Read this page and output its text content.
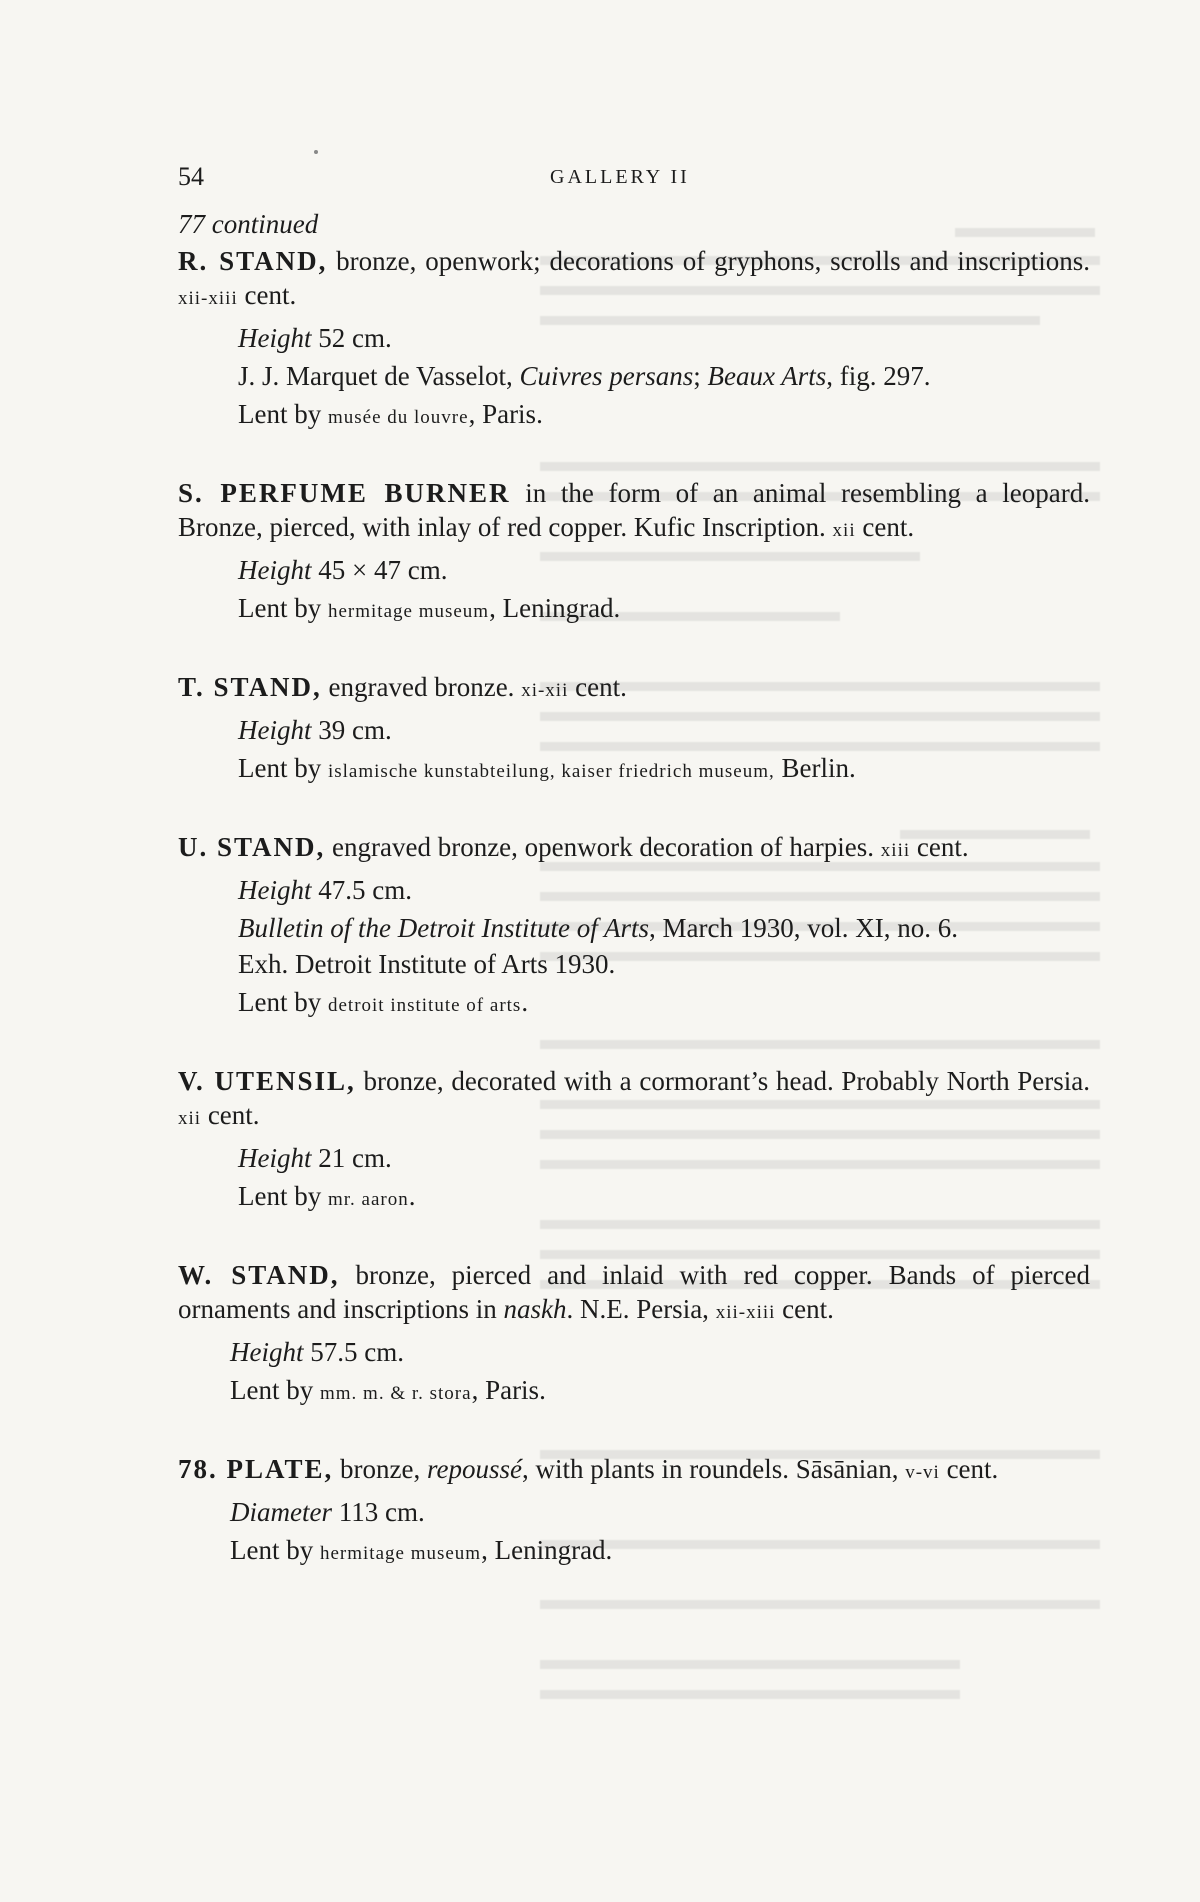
54	GALLERY II
77 continued

R. STAND, bronze, openwork; decorations of gryphons, scrolls and inscriptions. xii-xiii cent.

Height 52 cm.

J. J. Marquet de Vasselot, Cuivres persans; Beaux Arts, fig. 297.

Lent by musée du louvre, Paris.

S. PERFUME BURNER in the form of an animal resembling a leopard. Bronze, pierced, with inlay of red copper. Kufic Inscription. xii cent.

Height 45 × 47 cm.

Lent by hermitage museum, Leningrad.

T. STAND, engraved bronze. xi-xii cent.

Height 39 cm.

Lent by islamische kunstabteilung, kaiser friedrich museum, Berlin.

U. STAND, engraved bronze, openwork decoration of harpies. xiii cent.

Height 47.5 cm.

Bulletin of the Detroit Institute of Arts, March 1930, vol. XI, no. 6.

Exh. Detroit Institute of Arts 1930.

Lent by detroit institute of arts.

V. UTENSIL, bronze, decorated with a cormorant’s head. Probably North Persia. xii cent.

Height 21 cm.

Lent by mr. aaron.

W. STAND, bronze, pierced and inlaid with red copper. Bands of pierced ornaments and inscriptions in naskh. N.E. Persia, xii-xiii cent.

Height 57.5 cm.

Lent by mm. m. & r. stora, Paris.

78. PLATE, bronze, repoussé, with plants in roundels. Sāsānian, v-vi cent.

Diameter 113 cm.

Lent by hermitage museum, Leningrad.
